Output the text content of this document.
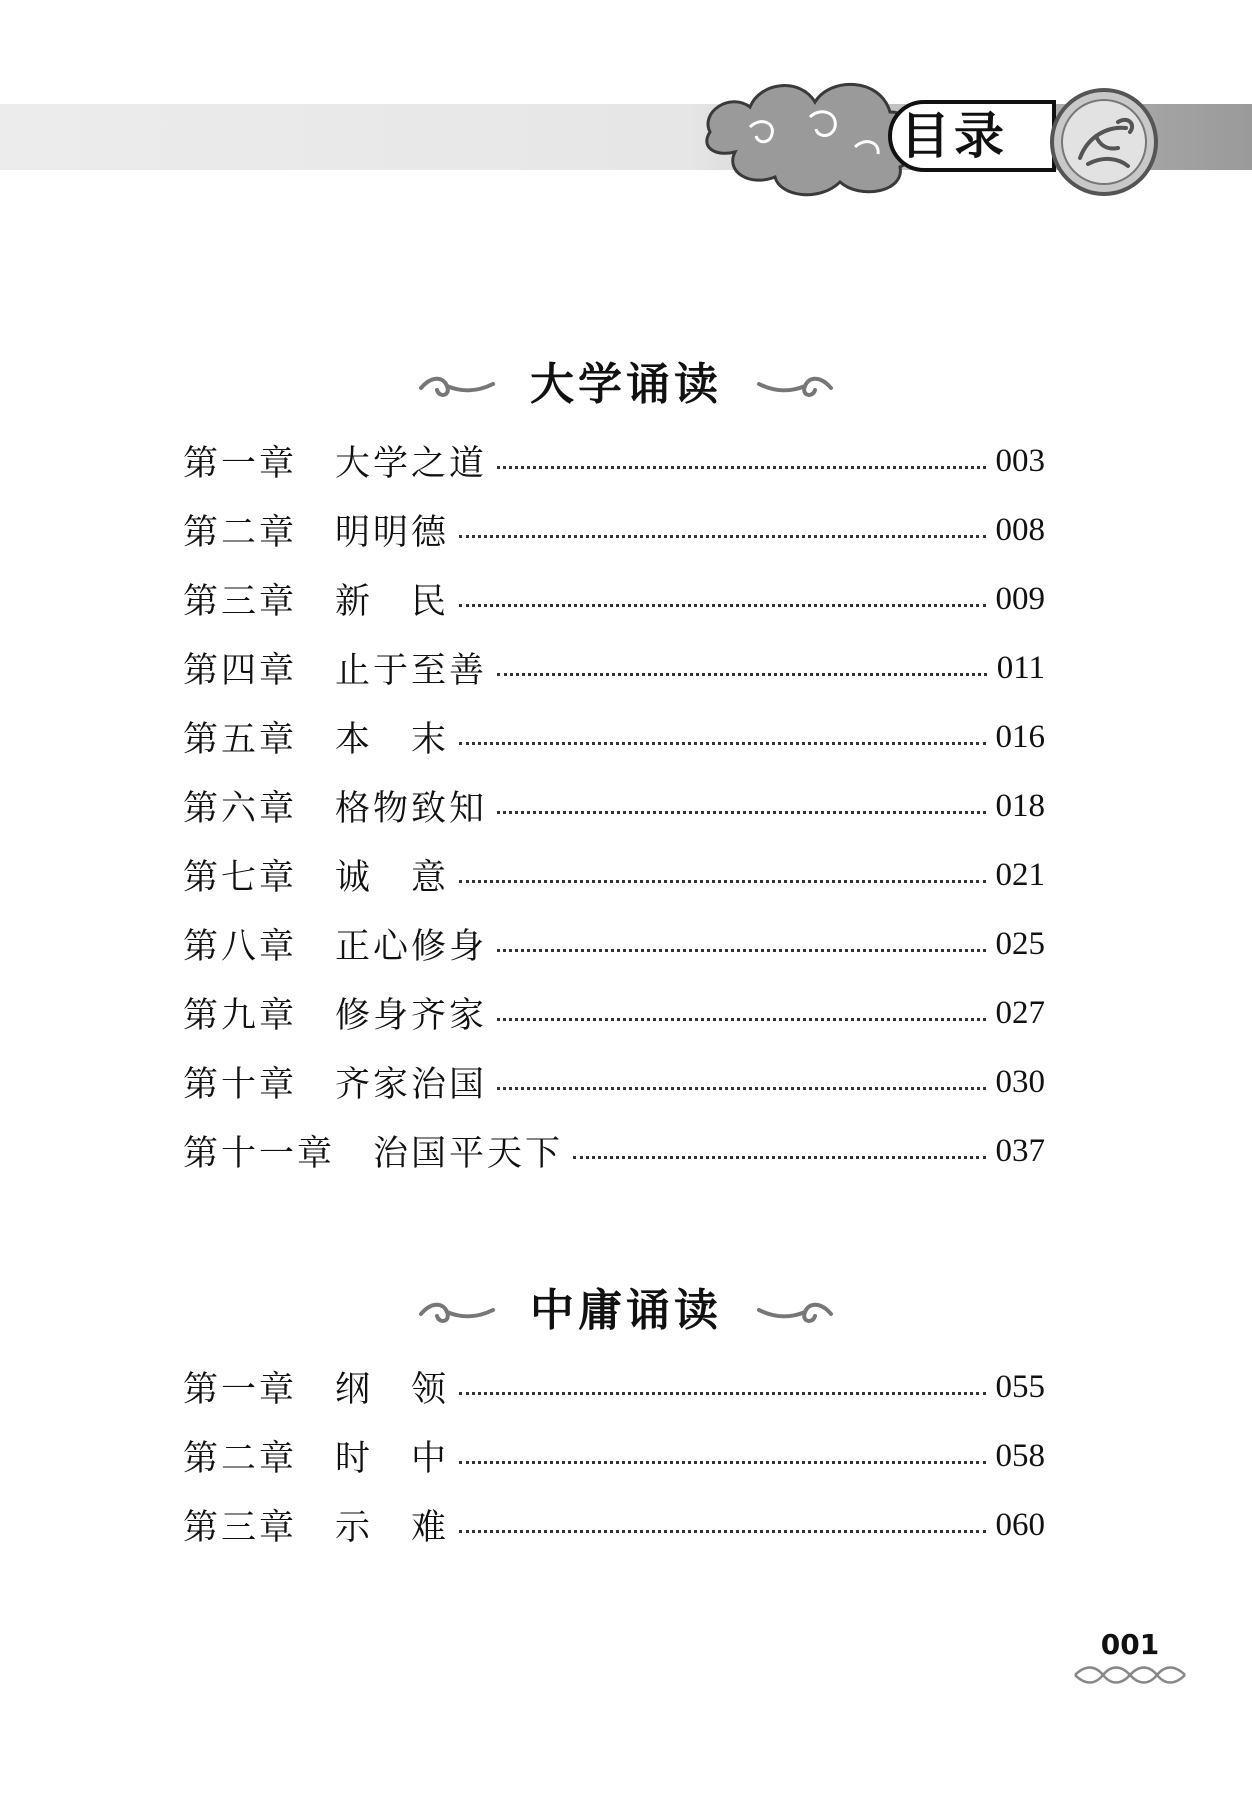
目录
大学诵读
第一章 大学之道	003
第二章 明明德	008
第三章 新　民	009
第四章 止于至善	011
第五章 本　末	016
第六章 格物致知	018
第七章 诚　意	021
第八章 正心修身	025
第九章 修身齐家	027
第十章 齐家治国	030
第十一章 治国平天下	037
中庸诵读
第一章 纲　领	055
第二章 时　中	058
第三章 示　难	060
001
